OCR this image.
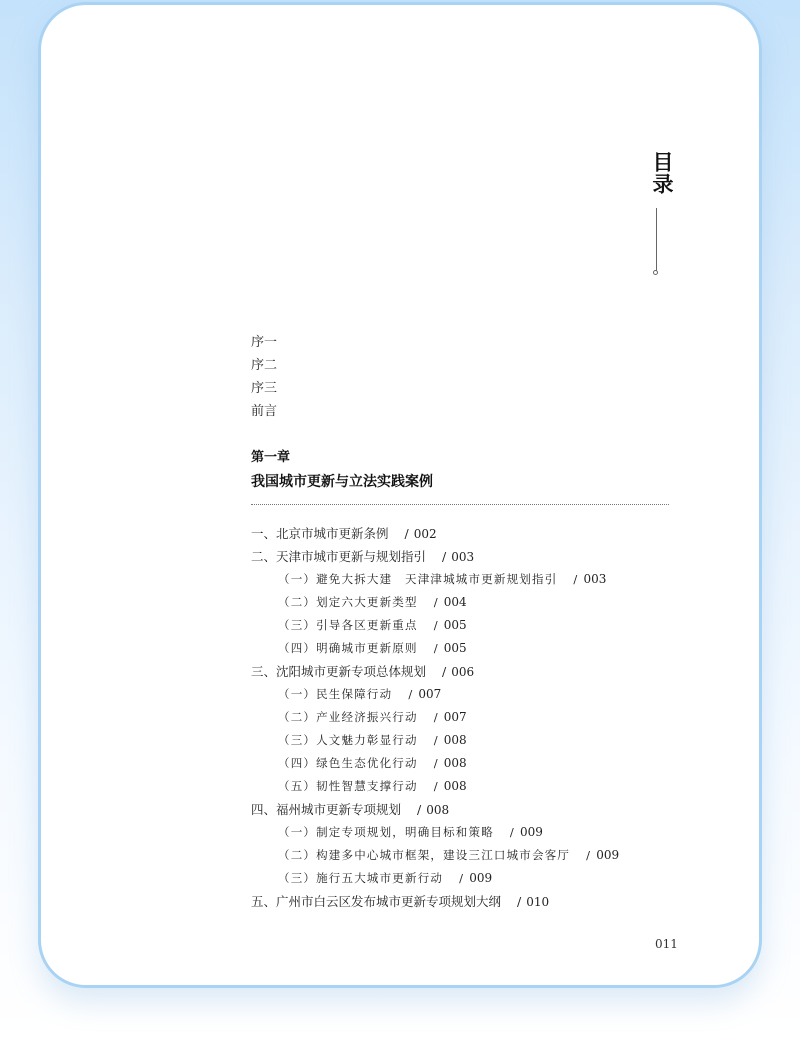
目录
序一
序二
序三
前言
第一章
我国城市更新与立法实践案例
一、北京市城市更新条例 / 002
二、天津市城市更新与规划指引 / 003
（一）避免大拆大建　天津津城城市更新规划指引 / 003
（二）划定六大更新类型 / 004
（三）引导各区更新重点 / 005
（四）明确城市更新原则 / 005
三、沈阳城市更新专项总体规划 / 006
（一）民生保障行动 / 007
（二）产业经济振兴行动 / 007
（三）人文魅力彰显行动 / 008
（四）绿色生态优化行动 / 008
（五）韧性智慧支撑行动 / 008
四、福州城市更新专项规划 / 008
（一）制定专项规划，明确目标和策略 / 009
（二）构建多中心城市框架，建设三江口城市会客厅 / 009
（三）施行五大城市更新行动 / 009
五、广州市白云区发布城市更新专项规划大纲 / 010
011
